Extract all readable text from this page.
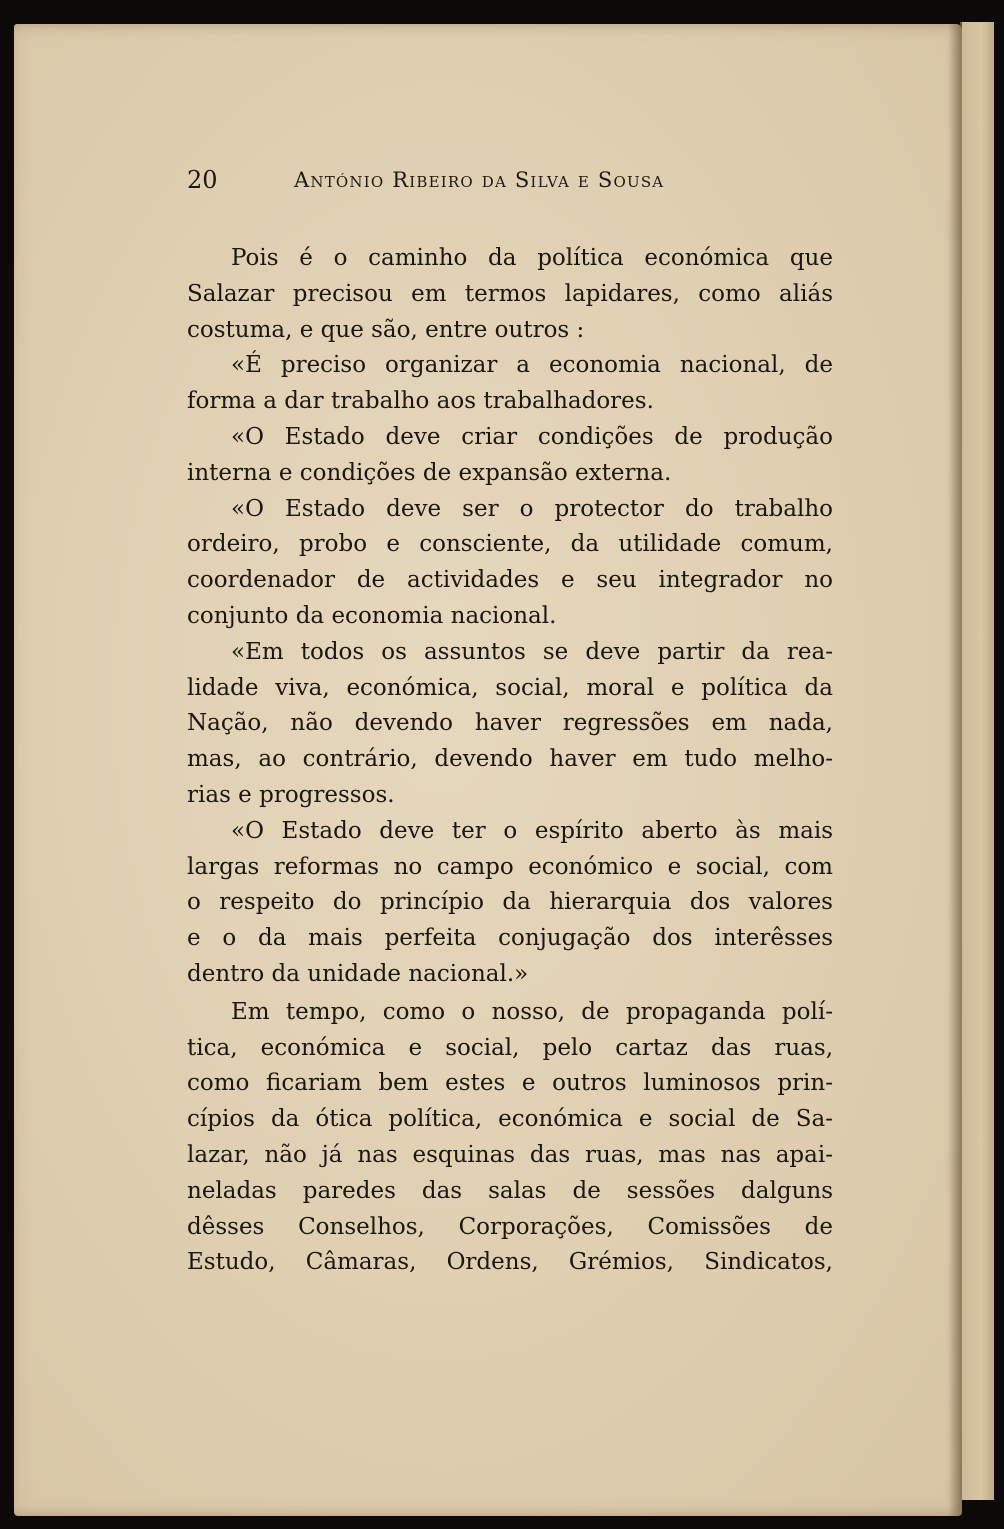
20	António Ribeiro da Silva e Sousa
Pois é o caminho da política económica que
Salazar precisou em termos lapidares, como aliás
costuma, e que são, entre outros :
«É preciso organizar a economia nacional, de
forma a dar trabalho aos trabalhadores.
«O Estado deve criar condições de produção
interna e condições de expansão externa.
«O Estado deve ser o protector do trabalho
ordeiro, probo e consciente, da utilidade comum,
coordenador de actividades e seu integrador no
conjunto da economia nacional.
«Em todos os assuntos se deve partir da rea-
lidade viva, económica, social, moral e política da
Nação, não devendo haver regressões em nada,
mas, ao contrário, devendo haver em tudo melho-
rias e progressos.
«O Estado deve ter o espírito aberto às mais
largas reformas no campo económico e social, com
o respeito do princípio da hierarquia dos valores
e o da mais perfeita conjugação dos interêsses
dentro da unidade nacional.»
Em tempo, como o nosso, de propaganda polí-
tica, económica e social, pelo cartaz das ruas,
como ficariam bem estes e outros luminosos prin-
cípios da ótica política, económica e social de Sa-
lazar, não já nas esquinas das ruas, mas nas apai-
neladas paredes das salas de sessões dalguns
dêsses Conselhos, Corporações, Comissões de
Estudo, Câmaras, Ordens, Grémios, Sindicatos,
